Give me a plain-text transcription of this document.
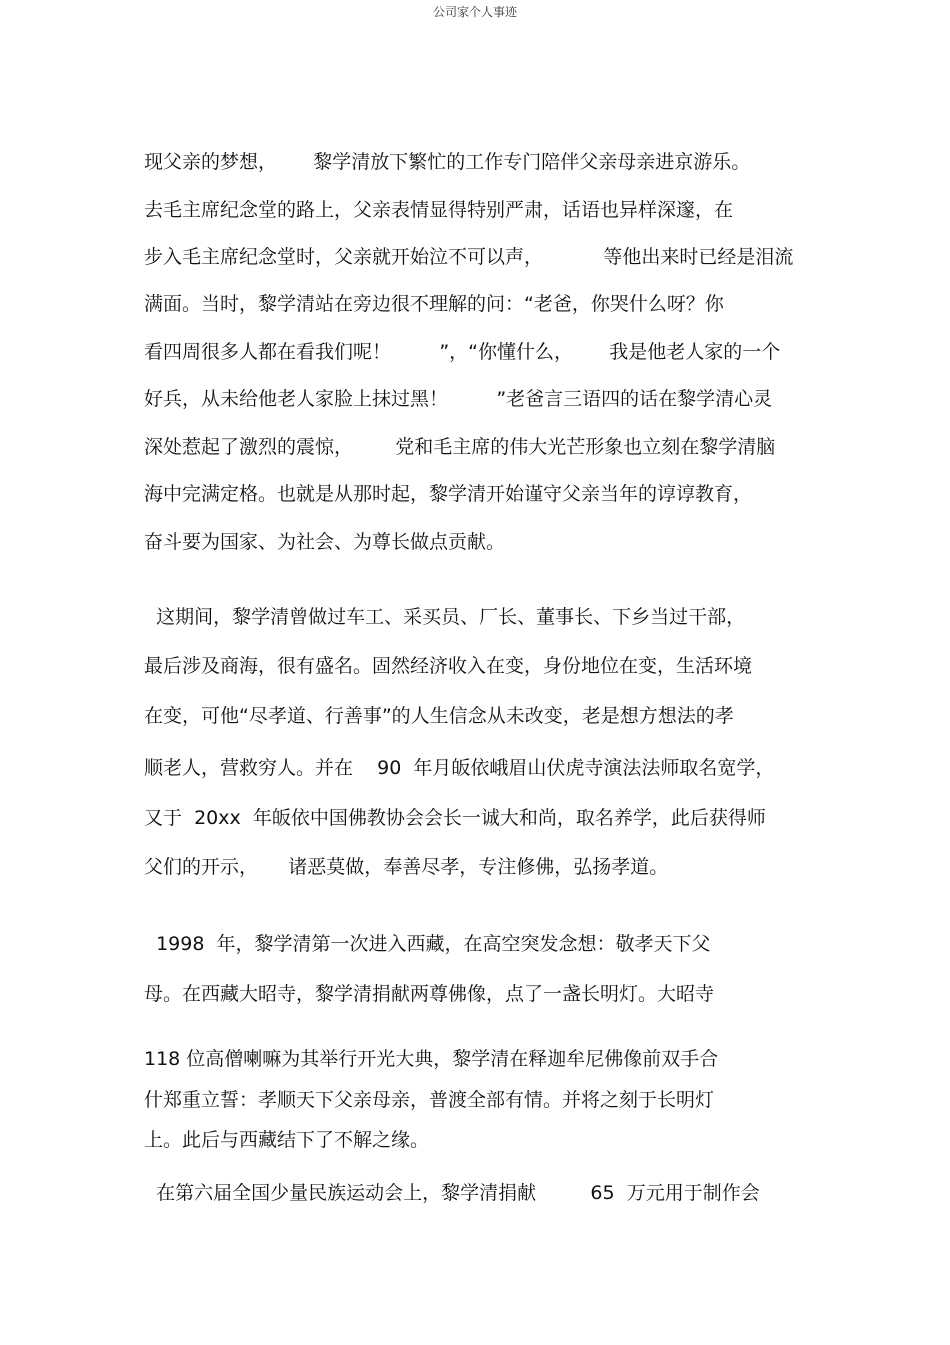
公司家个人事迹
现父亲的梦想，      黎学清放下繁忙的工作专门陪伴父亲母亲进京游乐。
去毛主席纪念堂的路上，父亲表情显得特别严肃，话语也异样深邃，在
步入毛主席纪念堂时，父亲就开始泣不可以声，          等他出来时已经是泪流
满面。当时，黎学清站在旁边很不理解的问：“老爸，你哭什么呀？你
看四周很多人都在看我们呢！        ”，“你懂什么，      我是他老人家的一个
好兵，从未给他老人家脸上抹过黑！        ”老爸言三语四的话在黎学清心灵
深处惹起了激烈的震惊，       党和毛主席的伟大光芒形象也立刻在黎学清脑
海中完满定格。也就是从那时起，黎学清开始谨守父亲当年的谆谆教育，
奋斗要为国家、为社会、为尊长做点贡献。
这期间，黎学清曾做过车工、采买员、厂长、董事长、下乡当过干部，
最后涉及商海，很有盛名。固然经济收入在变，身份地位在变，生活环境
在变，可他“尽孝道、行善事”的人生信念从未改变，老是想方想法的孝
顺老人，营救穷人。并在    90  年月皈依峨眉山伏虎寺演法法师取名宽学，
又于  20xx  年皈依中国佛教协会会长一诚大和尚，取名养学，此后获得师
父们的开示，     诸恶莫做，奉善尽孝，专注修佛，弘扬孝道。
1998  年，黎学清第一次进入西藏，在高空突发念想：敬孝天下父
母。在西藏大昭寺，黎学清捐献两尊佛像，点了一盏长明灯。大昭寺
118 位高僧喇嘛为其举行开光大典，黎学清在释迦牟尼佛像前双手合
什郑重立誓：孝顺天下父亲母亲，普渡全部有情。并将之刻于长明灯
上。此后与西藏结下了不解之缘。
在第六届全国少量民族运动会上，黎学清捐献         65  万元用于制作会
